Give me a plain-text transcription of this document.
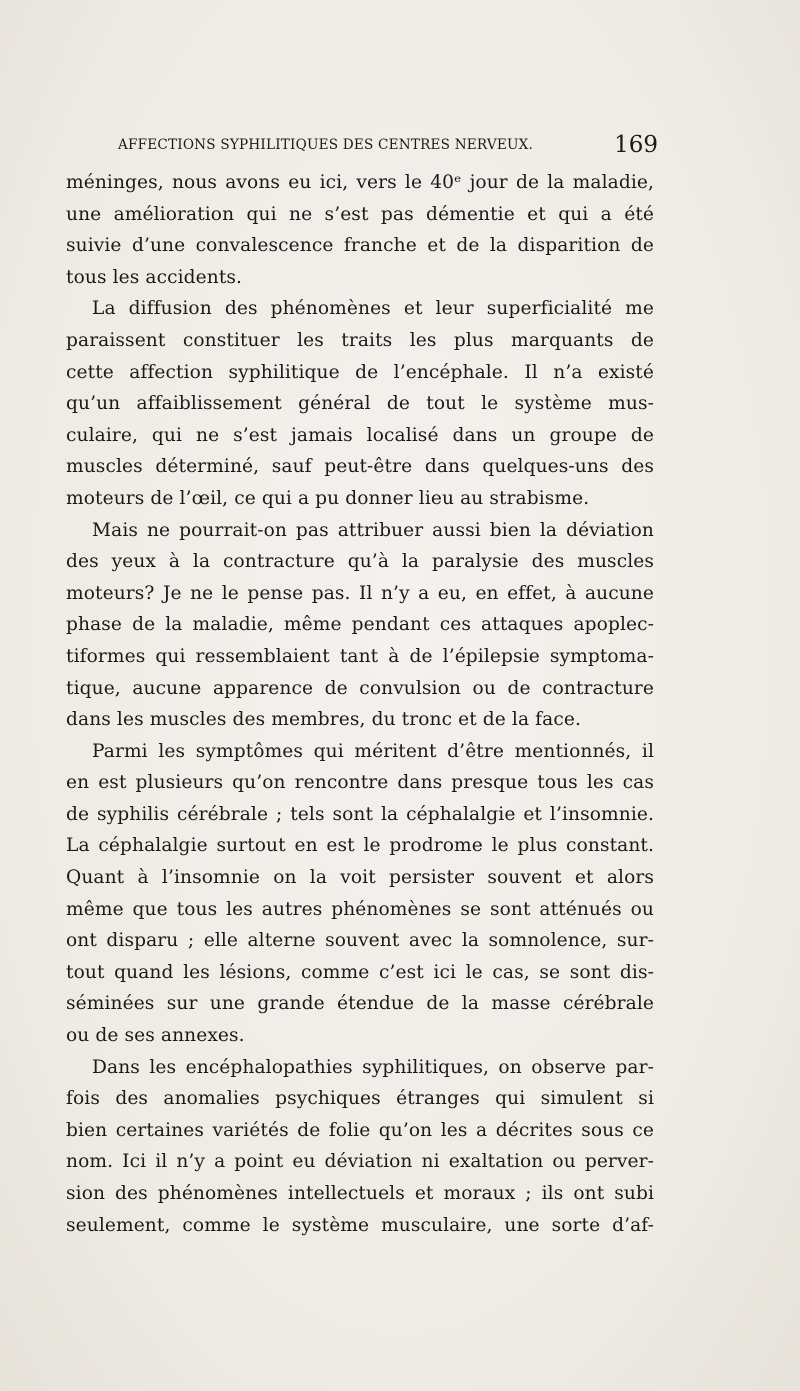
AFFECTIONS SYPHILITIQUES DES CENTRES NERVEUX.	169
méninges, nous avons eu ici, vers le 40ᵉ jour de la maladie,
une amélioration qui ne s’est pas démentie et qui a été
suivie d’une convalescence franche et de la disparition de
tous les accidents.
La diffusion des phénomènes et leur superficialité me
paraissent constituer les traits les plus marquants de
cette affection syphilitique de l’encéphale. Il n’a existé
qu’un affaiblissement général de tout le système mus-
culaire, qui ne s’est jamais localisé dans un groupe de
muscles déterminé, sauf peut-être dans quelques-uns des
moteurs de l’œil, ce qui a pu donner lieu au strabisme.
Mais ne pourrait-on pas attribuer aussi bien la déviation
des yeux à la contracture qu’à la paralysie des muscles
moteurs? Je ne le pense pas. Il n’y a eu, en effet, à aucune
phase de la maladie, même pendant ces attaques apoplec-
tiformes qui ressemblaient tant à de l’épilepsie symptoma-
tique, aucune apparence de convulsion ou de contracture
dans les muscles des membres, du tronc et de la face.
Parmi les symptômes qui méritent d’être mentionnés, il
en est plusieurs qu’on rencontre dans presque tous les cas
de syphilis cérébrale ; tels sont la céphalalgie et l’insomnie.
La céphalalgie surtout en est le prodrome le plus constant.
Quant à l’insomnie on la voit persister souvent et alors
même que tous les autres phénomènes se sont atténués ou
ont disparu ; elle alterne souvent avec la somnolence, sur-
tout quand les lésions, comme c’est ici le cas, se sont dis-
séminées sur une grande étendue de la masse cérébrale
ou de ses annexes.
Dans les encéphalopathies syphilitiques, on observe par-
fois des anomalies psychiques étranges qui simulent si
bien certaines variétés de folie qu’on les a décrites sous ce
nom. Ici il n’y a point eu déviation ni exaltation ou perver-
sion des phénomènes intellectuels et moraux ; ils ont subi
seulement, comme le système musculaire, une sorte d’af-
